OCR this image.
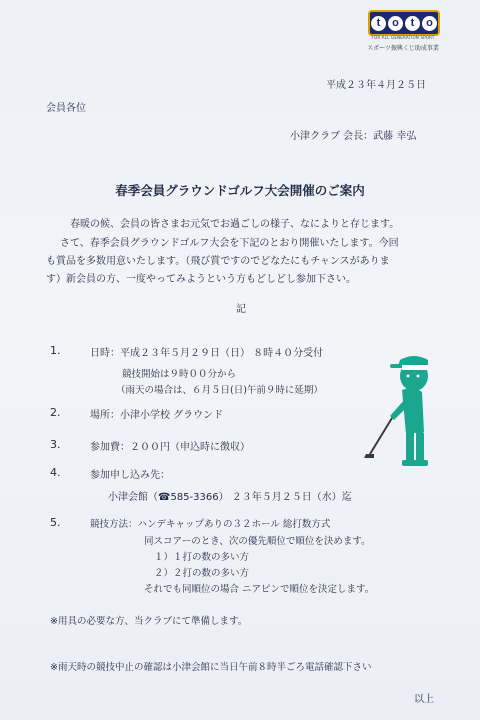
t	o	t	o
FOR ALL GENERATION SPORT
スポーツ振興くじ助成事業
平成２３年４月２５日
会員各位
小津クラブ 会長：武藤 幸弘
春季会員グラウンドゴルフ大会開催のご案内
春暖の候、会員の皆さまお元気でお過ごしの様子、なによりと存じます。
さて、春季会員グラウンドゴルフ大会を下記のとおり開催いたします。今回
も賞品を多数用意いたします。（飛び賞ですのでどなたにもチャンスがありま
す）新会員の方、一度やってみようという方もどしどし参加下さい。
記
1.	日時：平成２３年５月２９日（日） ８時４０分受付
競技開始は９時００分から
（雨天の場合は、６月５日(日)午前９時に延期）
2.	場所：小津小学校 グラウンド
3.	参加費：２００円（申込時に徴収）
4.	参加申し込み先：
小津会館（☎585-3366） ２３年５月２５日（水）迄
5.	競技方法：ハンデキャップありの３２ホール 総打数方式
同スコアーのとき、次の優先順位で順位を決めます。
１）１打の数の多い方
２）２打の数の多い方
それでも同順位の場合 ニアピンで順位を決定します。
※用具の必要な方、当クラブにて準備します。
※雨天時の競技中止の確認は小津会館に当日午前８時半ごろ電話確認下さい
以上
